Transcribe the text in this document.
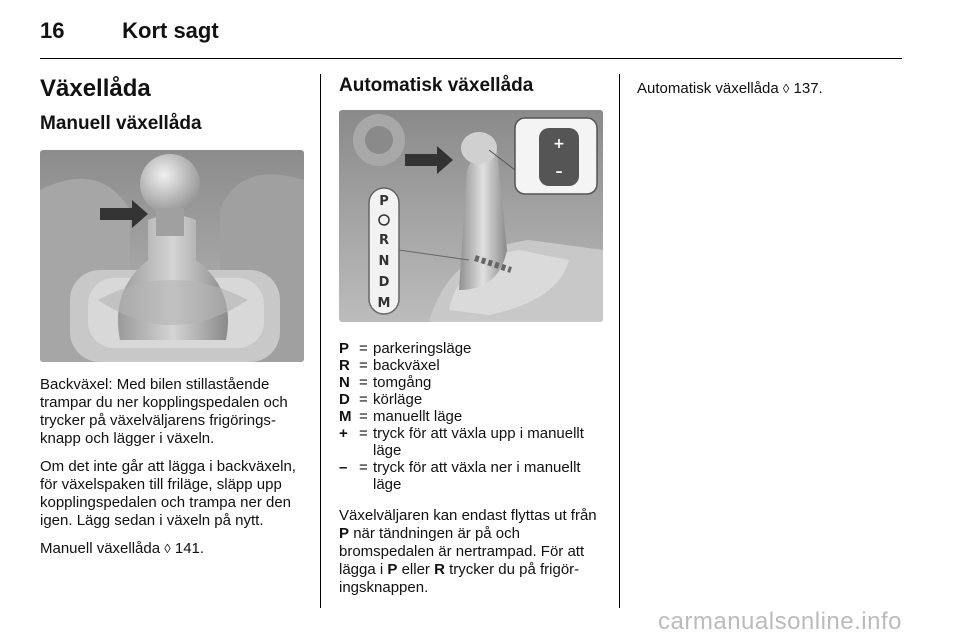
16	Kort sagt
Växellåda
Manuell växellåda

Backväxel: Med bilen stillastående trampar du ner kopplingspedalen och trycker på växelväljarens frigöringsknapp och lägger i växeln.

Om det inte går att lägga i backväxeln, för växelspaken till friläge, släpp upp kopplingspedalen och trampa ner den igen. Lägg sedan i växeln på nytt.

Manuell växellåda ◊ 141.

Automatisk växellåda
+
–
P
R
N
D
M
P = parkeringsläge
R = backväxel
N = tomgång
D = körläge
M = manuellt läge
+ = tryck för att växla upp i manuellt läge
– = tryck för att växla ner i manuellt läge

Växelväljaren kan endast flyttas ut från P när tändningen är på och bromspedalen är nertrampad. För att lägga i P eller R trycker du på frigöringsknappen.

Automatisk växellåda ◊ 137.

carmanualsonline.info
